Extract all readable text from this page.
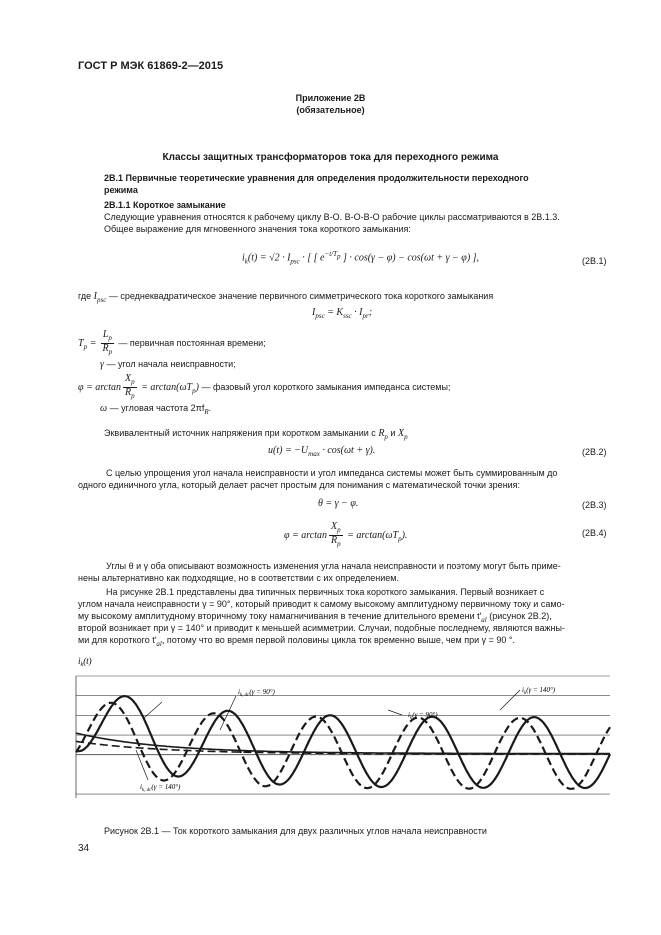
ГОСТ Р МЭК 61869-2—2015
Приложение 2В
(обязательное)
Классы защитных трансформаторов тока для переходного режима
2В.1 Первичные теоретические уравнения для определения продолжительности переходного
режима
2В.1.1 Короткое замыкание
Следующие уравнения относятся к рабочему циклу В-О. В-О-В-О рабочие циклы рассматриваются в 2В.1.3.
Общее выражение для мгновенного значения тока короткого замыкания:
$i_k(t) = √2 \cdot I_{psc}$ · [ [ $e^{-t/T_p}$ ] · cos(γ − φ) − cos(ωt + γ − φ) ],	(2В.1)
где $I_{psc}$ — среднеквадратическое значение первичного симметрического тока короткого замыкания
$I_{psc} = K_{ssc} \cdot I_{pr}$;
$T_p = \frac{L_p}{R_p}$ — первичная постоянная времени;
γ — угол начала неисправности;
$\varphi = \arctan \frac{X_p}{R_p} = \arctan(\omega T_p)$ — фазовый угол короткого замыкания импеданса системы;
ω — угловая частота $2\pi f_R$.
Эквивалентный источник напряжения при коротком замыкании с $R_p$ и $X_p$
$u(t) = -U_{max} \cdot \cos(\omega t + \gamma)$.	(2В.2)
С целью упрощения угол начала неисправности и угол импеданса системы может быть суммированным до
одного единичного угла, который делает расчет простым для понимания с математической точки зрения:
θ = γ − φ.	(2В.3)
$\varphi = \arctan \frac{X_p}{R_p} = \arctan(\omega T_p)$.	(2В.4)
Углы θ и γ оба описывают возможность изменения угла начала неисправности и поэтому могут быть приме-
нены альтернативно как подходящие, но в соответствии с их определением.
На рисунке 2В.1 представлены два типичных первичных тока короткого замыкания. Первый возникает с
углом начала неисправности γ = 90°, который приводит к самому высокому амплитудному первичному току и само-
му высокому амплитудному вторичному току намагничивания в течение длительного времени $t'_{al}$ (рисунок 2В.2),
второй возникает при γ = 140° и приводит к меньшей асимметрии. Случаи, подобные последнему, являются важны-
ми для короткого $t'_{al}$, потому что во время первой половины цикла ток временно выше, чем при γ = 90 °.
$i_k(t)$
$i_{k, dc}(\gamma = 90^\circ)$
$i_k(\gamma = 90^\circ)$
$i_k(\gamma = 140^\circ)$
$i_{k, dc}(\gamma = 140^\circ)$
Рисунок 2В.1 — Ток короткого замыкания для двух различных углов начала неисправности
34
